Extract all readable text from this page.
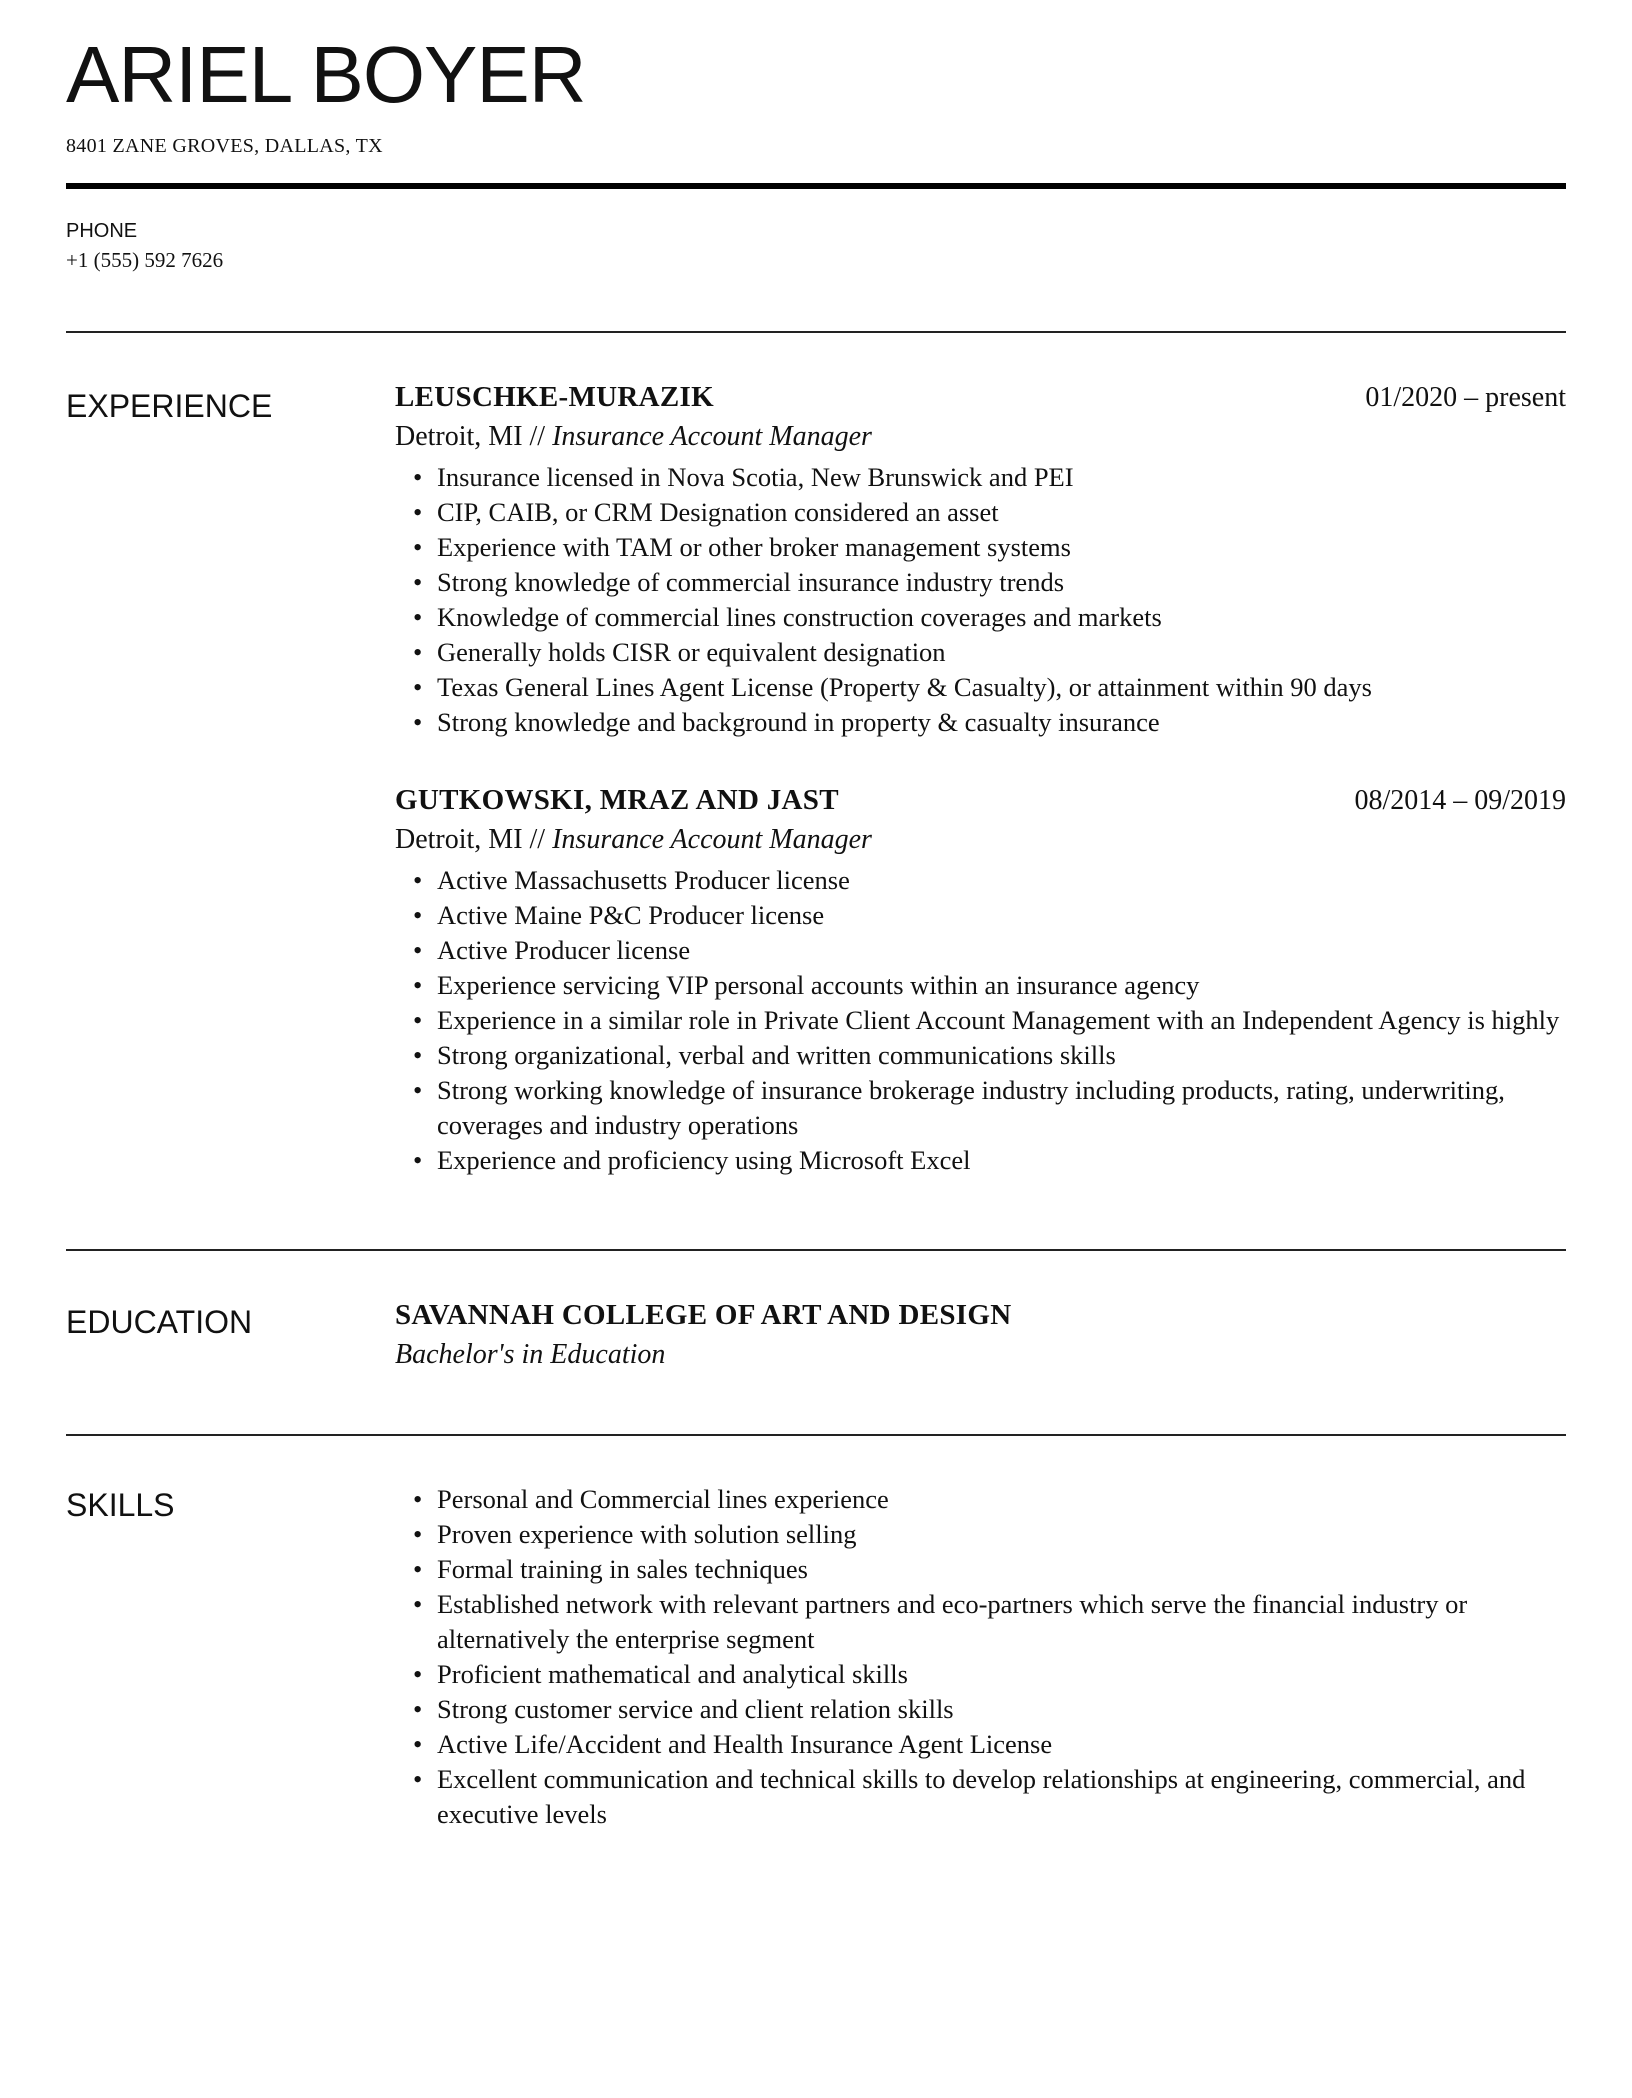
ARIEL BOYER
8401 ZANE GROVES, DALLAS, TX
PHONE
+1 (555) 592 7626
EXPERIENCE	LEUSCHKE-MURAZIK	01/2020 – present
Detroit, MI // Insurance Account Manager
• Insurance licensed in Nova Scotia, New Brunswick and PEI
• CIP, CAIB, or CRM Designation considered an asset
• Experience with TAM or other broker management systems
• Strong knowledge of commercial insurance industry trends
• Knowledge of commercial lines construction coverages and markets
• Generally holds CISR or equivalent designation
• Texas General Lines Agent License (Property & Casualty), or attainment within 90 days
• Strong knowledge and background in property & casualty insurance
GUTKOWSKI, MRAZ AND JAST	08/2014 – 09/2019
Detroit, MI // Insurance Account Manager
• Active Massachusetts Producer license
• Active Maine P&C Producer license
• Active Producer license
• Experience servicing VIP personal accounts within an insurance agency
• Experience in a similar role in Private Client Account Management with an Independent Agency is highly
• Strong organizational, verbal and written communications skills
• Strong working knowledge of insurance brokerage industry including products, rating, underwriting, coverages and industry operations
• Experience and proficiency using Microsoft Excel
EDUCATION	SAVANNAH COLLEGE OF ART AND DESIGN
Bachelor's in Education
SKILLS	• Personal and Commercial lines experience
• Proven experience with solution selling
• Formal training in sales techniques
• Established network with relevant partners and eco-partners which serve the financial industry or alternatively the enterprise segment
• Proficient mathematical and analytical skills
• Strong customer service and client relation skills
• Active Life/Accident and Health Insurance Agent License
• Excellent communication and technical skills to develop relationships at engineering, commercial, and executive levels
